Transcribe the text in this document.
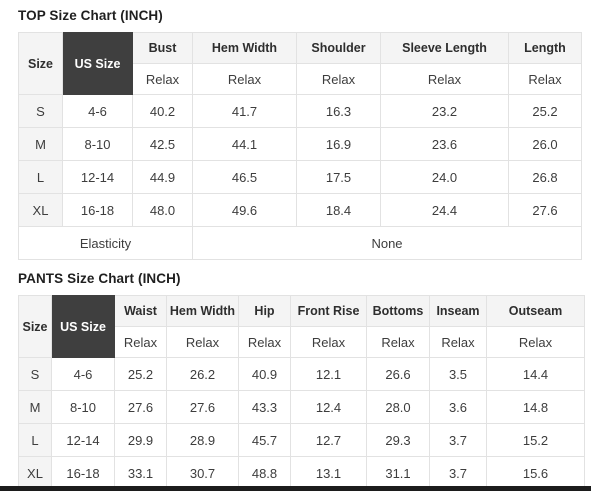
TOP Size Chart (INCH)
Size	US Size	Bust	Hem Width	Shoulder	Sleeve Length	Length
		Relax	Relax	Relax	Relax	Relax
S	4-6	40.2	41.7	16.3	23.2	25.2
M	8-10	42.5	44.1	16.9	23.6	26.0
L	12-14	44.9	46.5	17.5	24.0	26.8
XL	16-18	48.0	49.6	18.4	24.4	27.6
Elasticity			None			
PANTS Size Chart (INCH)
Size	US Size	Waist	Hem Width	Hip	Front Rise	Bottoms	Inseam	Outseam
		Relax	Relax	Relax	Relax	Relax	Relax	Relax
S	4-6	25.2	26.2	40.9	12.1	26.6	3.5	14.4
M	8-10	27.6	27.6	43.3	12.4	28.0	3.6	14.8
L	12-14	29.9	28.9	45.7	12.7	29.3	3.7	15.2
XL	16-18	33.1	30.7	48.8	13.1	31.1	3.7	15.6
